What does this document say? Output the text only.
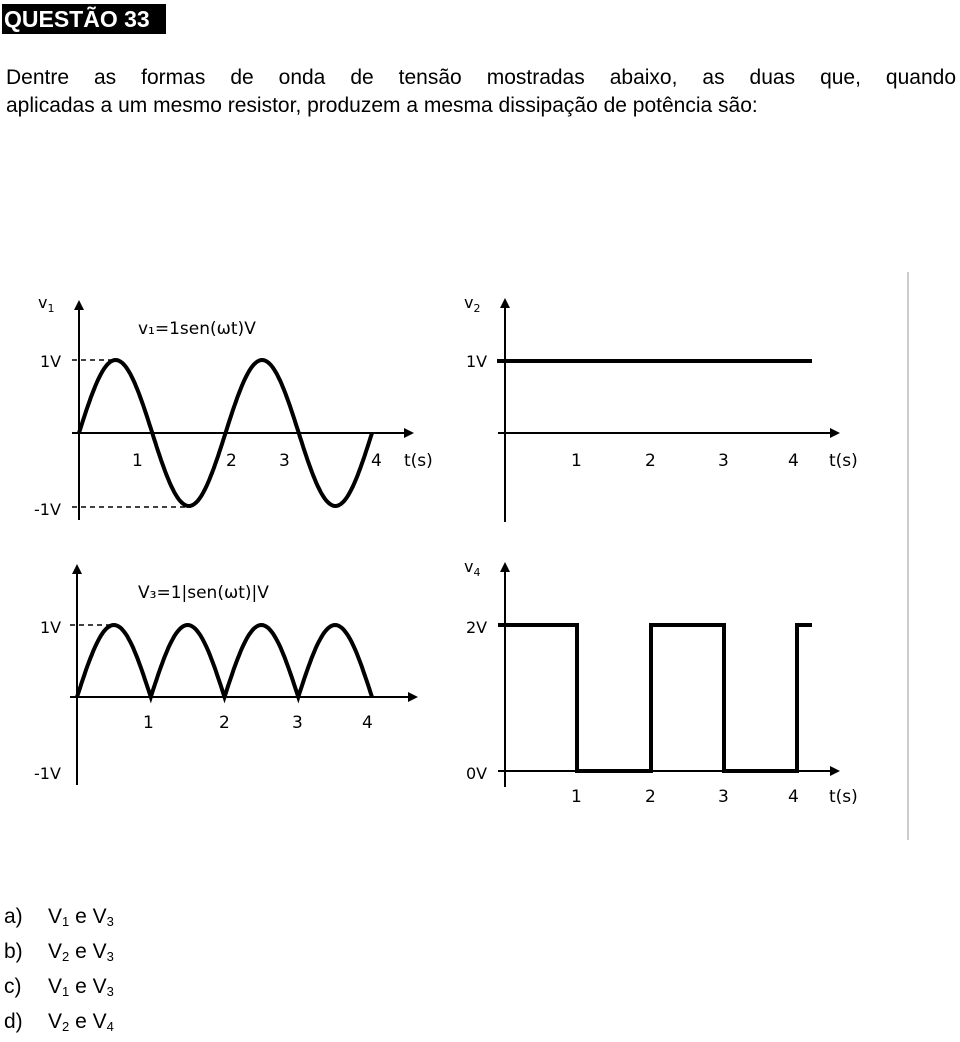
QUESTÃO 33
Dentre as formas de onda de tensão mostradas abaixo, as duas que, quando
aplicadas a um mesmo resistor, produzem a mesma dissipação de potência são:
$v_1$
v₁=1sen(ωt)V
1V
-1V
1	2 3	4 t(s)
$v_2$
1V
1	2	3	4 t(s)
V₃=1|sen(ωt)|V
1V
-1V
1	2	3	4
$v_4$
2V
0V
1	2	3	4 t(s)
a)	$V_1$ e $V_3$
b)	$V_2$ e $V_3$
c)	$V_1$ e $V_3$
d)	$V_2$ e $V_4$
